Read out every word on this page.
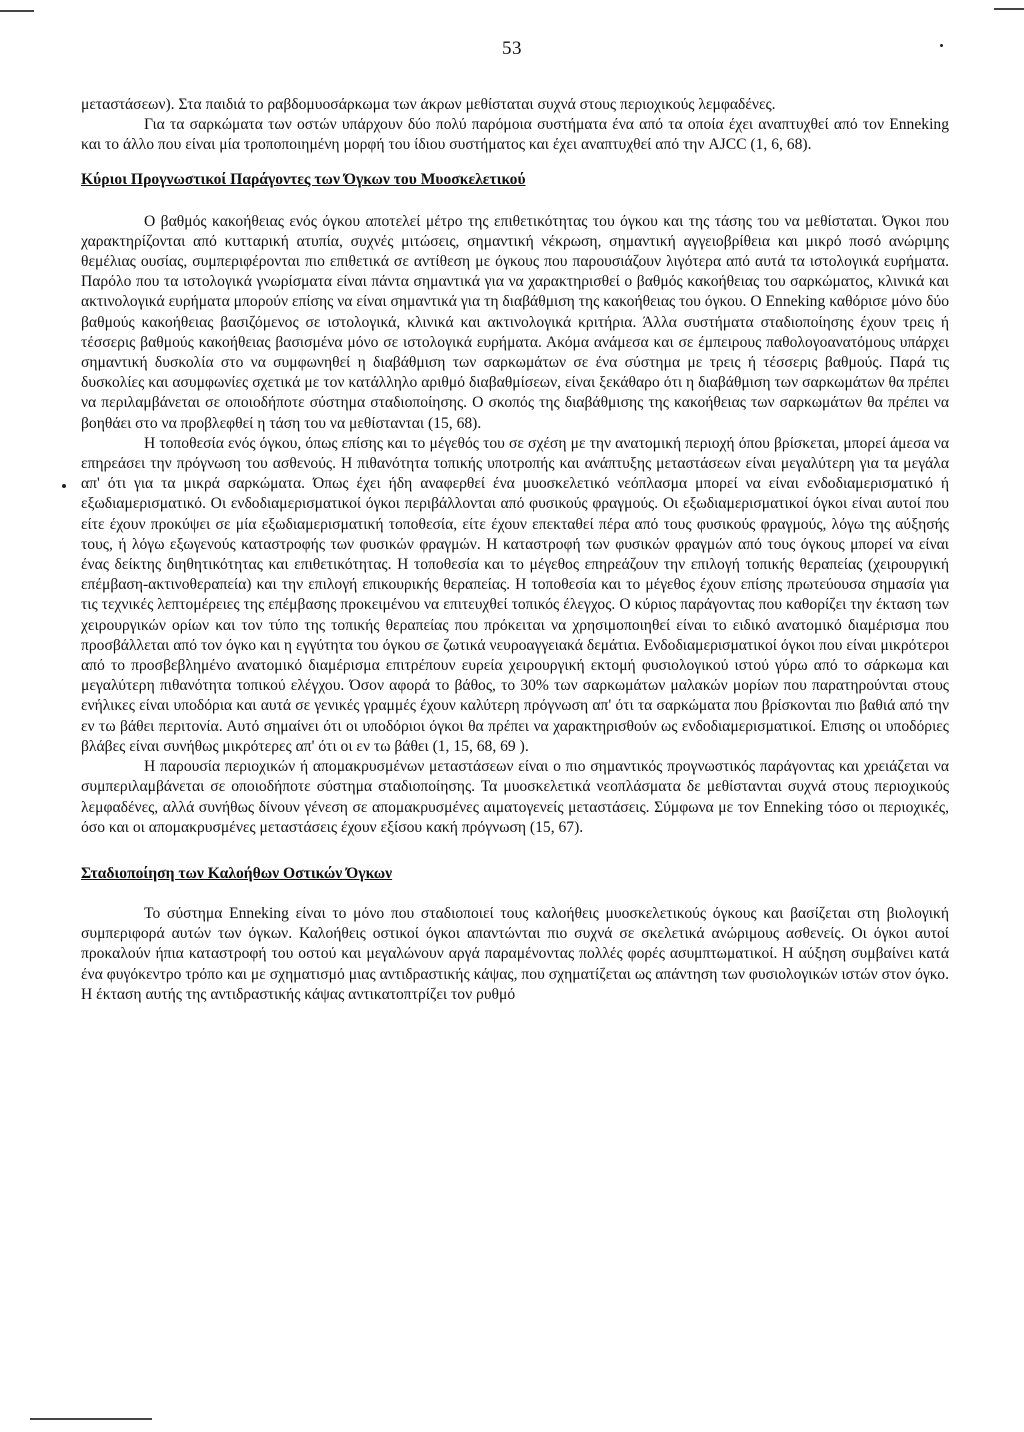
53

μεταστάσεων). Στα παιδιά το ραβδομυοσάρκωμα των άκρων μεθίσταται συχνά στους περιοχικούς λεμφαδένες.

Για τα σαρκώματα των οστών υπάρχουν δύο πολύ παρόμοια συστήματα ένα από τα οποία έχει αναπτυχθεί από τον Enneking και το άλλο που είναι μία τροποποιημένη μορφή του ίδιου συστήματος και έχει αναπτυχθεί από την AJCC (1, 6, 68).

Κύριοι Προγνωστικοί Παράγοντες των Όγκων του Μυοσκελετικού

Ο βαθμός κακοήθειας ενός όγκου αποτελεί μέτρο της επιθετικότητας του όγκου και της τάσης του να μεθίσταται. Όγκοι που χαρακτηρίζονται από κυτταρική ατυπία, συχνές μιτώσεις, σημαντική νέκρωση, σημαντική αγγειοβρίθεια και μικρό ποσό ανώριμης θεμέλιας ουσίας, συμπεριφέρονται πιο επιθετικά σε αντίθεση με όγκους που παρουσιάζουν λιγότερα από αυτά τα ιστολογικά ευρήματα. Παρόλο που τα ιστολογικά γνωρίσματα είναι πάντα σημαντικά για να χαρακτηρισθεί ο βαθμός κακοήθειας του σαρκώματος, κλινικά και ακτινολογικά ευρήματα μπορούν επίσης να είναι σημαντικά για τη διαβάθμιση της κακοήθειας του όγκου. Ο Enneking καθόρισε μόνο δύο βαθμούς κακοήθειας βασιζόμενος σε ιστολογικά, κλινικά και ακτινολογικά κριτήρια. Άλλα συστήματα σταδιοποίησης έχουν τρεις ή τέσσερις βαθμούς κακοήθειας βασισμένα μόνο σε ιστολογικά ευρήματα. Ακόμα ανάμεσα και σε έμπειρους παθολογοανατόμους υπάρχει σημαντική δυσκολία στο να συμφωνηθεί η διαβάθμιση των σαρκωμάτων σε ένα σύστημα με τρεις ή τέσσερις βαθμούς. Παρά τις δυσκολίες και ασυμφωνίες σχετικά με τον κατάλληλο αριθμό διαβαθμίσεων, είναι ξεκάθαρο ότι η διαβάθμιση των σαρκωμάτων θα πρέπει να περιλαμβάνεται σε οποιοδήποτε σύστημα σταδιοποίησης. Ο σκοπός της διαβάθμισης της κακοήθειας των σαρκωμάτων θα πρέπει να βοηθάει στο να προβλεφθεί η τάση του να μεθίστανται (15, 68).

Η τοποθεσία ενός όγκου, όπως επίσης και το μέγεθός του σε σχέση με την ανατομική περιοχή όπου βρίσκεται, μπορεί άμεσα να επηρεάσει την πρόγνωση του ασθενούς. Η πιθανότητα τοπικής υποτροπής και ανάπτυξης μεταστάσεων είναι μεγαλύτερη για τα μεγάλα απ' ότι για τα μικρά σαρκώματα. Όπως έχει ήδη αναφερθεί ένα μυοσκελετικό νεόπλασμα μπορεί να είναι ενδοδιαμερισματικό ή εξωδιαμερισματικό. Οι ενδοδιαμερισματικοί όγκοι περιβάλλονται από φυσικούς φραγμούς. Οι εξωδιαμερισματικοί όγκοι είναι αυτοί που είτε έχουν προκύψει σε μία εξωδιαμερισματική τοποθεσία, είτε έχουν επεκταθεί πέρα από τους φυσικούς φραγμούς, λόγω της αύξησής τους, ή λόγω εξωγενούς καταστροφής των φυσικών φραγμών. Η καταστροφή των φυσικών φραγμών από τους όγκους μπορεί να είναι ένας δείκτης διηθητικότητας και επιθετικότητας. Η τοποθεσία και το μέγεθος επηρεάζουν την επιλογή τοπικής θεραπείας (χειρουργική επέμβαση-ακτινοθεραπεία) και την επιλογή επικουρικής θεραπείας. Η τοποθεσία και το μέγεθος έχουν επίσης πρωτεύουσα σημασία για τις τεχνικές λεπτομέρειες της επέμβασης προκειμένου να επιτευχθεί τοπικός έλεγχος. Ο κύριος παράγοντας που καθορίζει την έκταση των χειρουργικών ορίων και τον τύπο της τοπικής θεραπείας που πρόκειται να χρησιμοποιηθεί είναι το ειδικό ανατομικό διαμέρισμα που προσβάλλεται από τον όγκο και η εγγύτητα του όγκου σε ζωτικά νευροαγγειακά δεμάτια. Ενδοδιαμερισματικοί όγκοι που είναι μικρότεροι από το προσβεβλημένο ανατομικό διαμέρισμα επιτρέπουν ευρεία χειρουργική εκτομή φυσιολογικού ιστού γύρω από το σάρκωμα και μεγαλύτερη πιθανότητα τοπικού ελέγχου. Όσον αφορά το βάθος, το 30% των σαρκωμάτων μαλακών μορίων που παρατηρούνται στους ενήλικες είναι υποδόρια και αυτά σε γενικές γραμμές έχουν καλύτερη πρόγνωση απ' ότι τα σαρκώματα που βρίσκονται πιο βαθιά από την εν τω βάθει περιτονία. Αυτό σημαίνει ότι οι υποδόριοι όγκοι θα πρέπει να χαρακτηρισθούν ως ενδοδιαμερισματικοί. Επισης οι υποδόριες βλάβες είναι συνήθως μικρότερες απ' ότι οι εν τω βάθει (1, 15, 68, 69 ).

Η παρουσία περιοχικών ή απομακρυσμένων μεταστάσεων είναι ο πιο σημαντικός προγνωστικός παράγοντας και χρειάζεται να συμπεριλαμβάνεται σε οποιοδήποτε σύστημα σταδιοποίησης. Τα μυοσκελετικά νεοπλάσματα δε μεθίστανται συχνά στους περιοχικούς λεμφαδένες, αλλά συνήθως δίνουν γένεση σε απομακρυσμένες αιματογενείς μεταστάσεις. Σύμφωνα με τον Enneking τόσο οι περιοχικές, όσο και οι απομακρυσμένες μεταστάσεις έχουν εξίσου κακή πρόγνωση (15, 67).

Σταδιοποίηση των Καλοήθων Οστικών Όγκων

Το σύστημα Enneking είναι το μόνο που σταδιοποιεί τους καλοήθεις μυοσκελετικούς όγκους και βασίζεται στη βιολογική συμπεριφορά αυτών των όγκων. Καλοήθεις οστικοί όγκοι απαντώνται πιο συχνά σε σκελετικά ανώριμους ασθενείς. Οι όγκοι αυτοί προκαλούν ήπια καταστροφή του οστού και μεγαλώνουν αργά παραμένοντας πολλές φορές ασυμπτωματικοί. Η αύξηση συμβαίνει κατά ένα φυγόκεντρο τρόπο και με σχηματισμό μιας αντιδραστικής κάψας, που σχηματίζεται ως απάντηση των φυσιολογικών ιστών στον όγκο. Η έκταση αυτής της αντιδραστικής κάψας αντικατοπτρίζει τον ρυθμό
